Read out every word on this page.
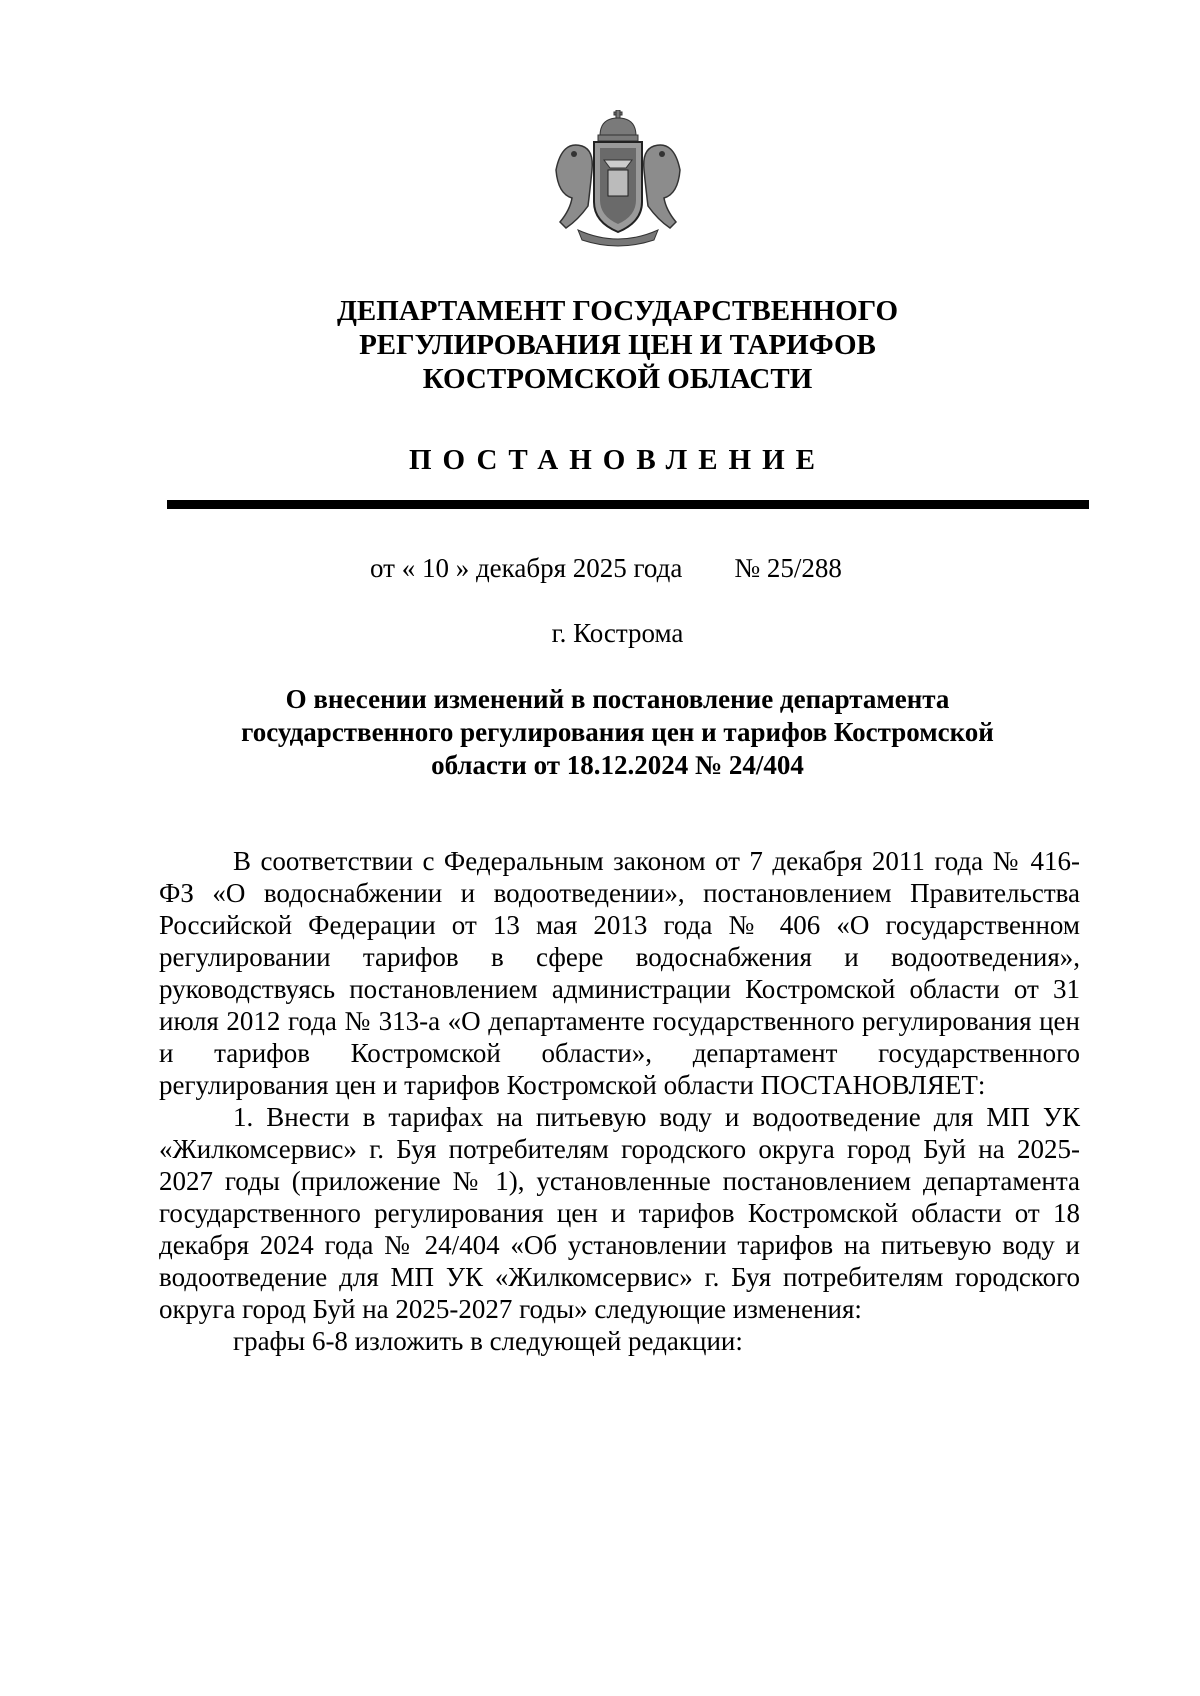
ДЕПАРТАМЕНТ ГОСУДАРСТВЕННОГО
РЕГУЛИРОВАНИЯ ЦЕН И ТАРИФОВ
КОСТРОМСКОЙ ОБЛАСТИ
ПОСТАНОВЛЕНИЕ
от « 10 » декабря 2025 года № 25/288
г. Кострома
О внесении изменений в постановление департамента
государственного регулирования цен и тарифов Костромской
области от 18.12.2024 № 24/404

В соответствии с Федеральным законом от 7 декабря 2011 года № 416-ФЗ «О водоснабжении и водоотведении», постановлением Правительства Российской Федерации от 13 мая 2013 года № 406 «О государственном регулировании тарифов в сфере водоснабжения и водоотведения», руководствуясь постановлением администрации Костромской области от 31 июля 2012 года № 313-а «О департаменте государственного регулирования цен и тарифов Костромской области», департамент государственного регулирования цен и тарифов Костромской области ПОСТАНОВЛЯЕТ:

1. Внести в тарифах на питьевую воду и водоотведение для МП УК «Жилкомсервис» г. Буя потребителям городского округа город Буй на 2025-2027 годы (приложение № 1), установленные постановлением департамента государственного регулирования цен и тарифов Костромской области от 18 декабря 2024 года № 24/404 «Об установлении тарифов на питьевую воду и водоотведение для МП УК «Жилкомсервис» г. Буя потребителям городского округа город Буй на 2025-2027 годы» следующие изменения:

графы 6-8 изложить в следующей редакции:
